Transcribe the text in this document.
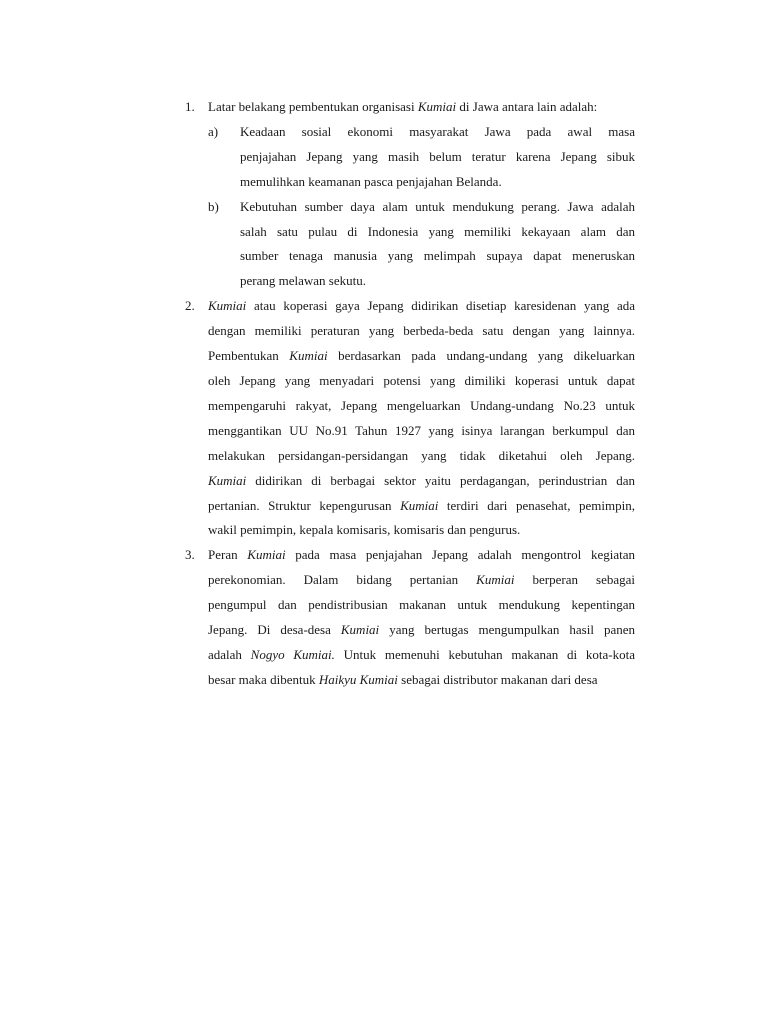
1. Latar belakang pembentukan organisasi Kumiai di Jawa antara lain adalah:
a) Keadaan sosial ekonomi masyarakat Jawa pada awal masa
penjajahan Jepang yang masih belum teratur karena Jepang sibuk
memulihkan keamanan pasca penjajahan Belanda.
b) Kebutuhan sumber daya alam untuk mendukung perang. Jawa adalah
salah satu pulau di Indonesia yang memiliki kekayaan alam dan
sumber tenaga manusia yang melimpah supaya dapat meneruskan
perang melawan sekutu.
2. Kumiai atau koperasi gaya Jepang didirikan disetiap karesidenan yang ada
dengan memiliki peraturan yang berbeda-beda satu dengan yang lainnya.
Pembentukan Kumiai berdasarkan pada undang-undang yang dikeluarkan
oleh Jepang yang menyadari potensi yang dimiliki koperasi untuk dapat
mempengaruhi rakyat, Jepang mengeluarkan Undang-undang No.23 untuk
menggantikan UU No.91 Tahun 1927 yang isinya larangan berkumpul dan
melakukan persidangan-persidangan yang tidak diketahui oleh Jepang.
Kumiai didirikan di berbagai sektor yaitu perdagangan, perindustrian dan
pertanian. Struktur kepengurusan Kumiai terdiri dari penasehat, pemimpin,
wakil pemimpin, kepala komisaris, komisaris dan pengurus.
3. Peran Kumiai pada masa penjajahan Jepang adalah mengontrol kegiatan
perekonomian. Dalam bidang pertanian Kumiai berperan sebagai
pengumpul dan pendistribusian makanan untuk mendukung kepentingan
Jepang. Di desa-desa Kumiai yang bertugas mengumpulkan hasil panen
adalah Nogyo Kumiai. Untuk memenuhi kebutuhan makanan di kota-kota
besar maka dibentuk Haikyu Kumiai sebagai distributor makanan dari desa
